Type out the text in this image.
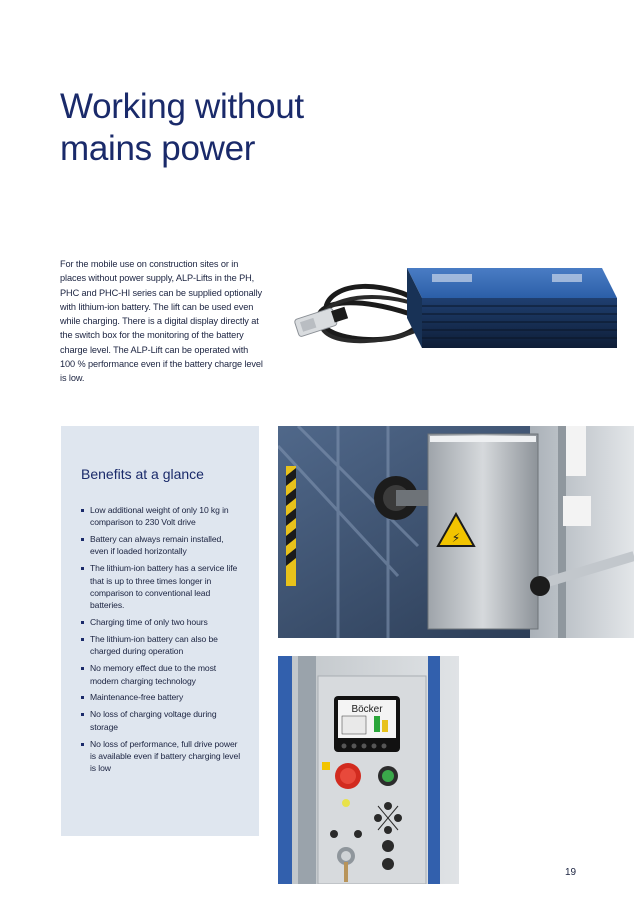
Working without
mains power

For the mobile use on construction sites or in places without power supply, ALP-Lifts in the PH, PHC and PHC-HI series can be supplied optionally with lithium-ion battery. The lift can be used even while charging. There is a digital display directly at the switch box for the monitoring of the battery charge level. The ALP-Lift can be operated with 100 % performance even if the battery charge level is low.

Benefits at a glance
Low additional weight of only 10 kg in comparison to 230 Volt drive
Battery can always remain installed, even if loaded horizontally
The lithium-ion battery has a service life that is up to three times longer in comparison to conventional lead batteries.
Charging time of only two hours
The lithium-ion battery can also be charged during operation
No memory effect due to the most modern charging technology
Maintenance-free battery
No loss of charging voltage during storage
No loss of performance, full drive power is available even if battery charging level is low
⚡
Böcker
19
